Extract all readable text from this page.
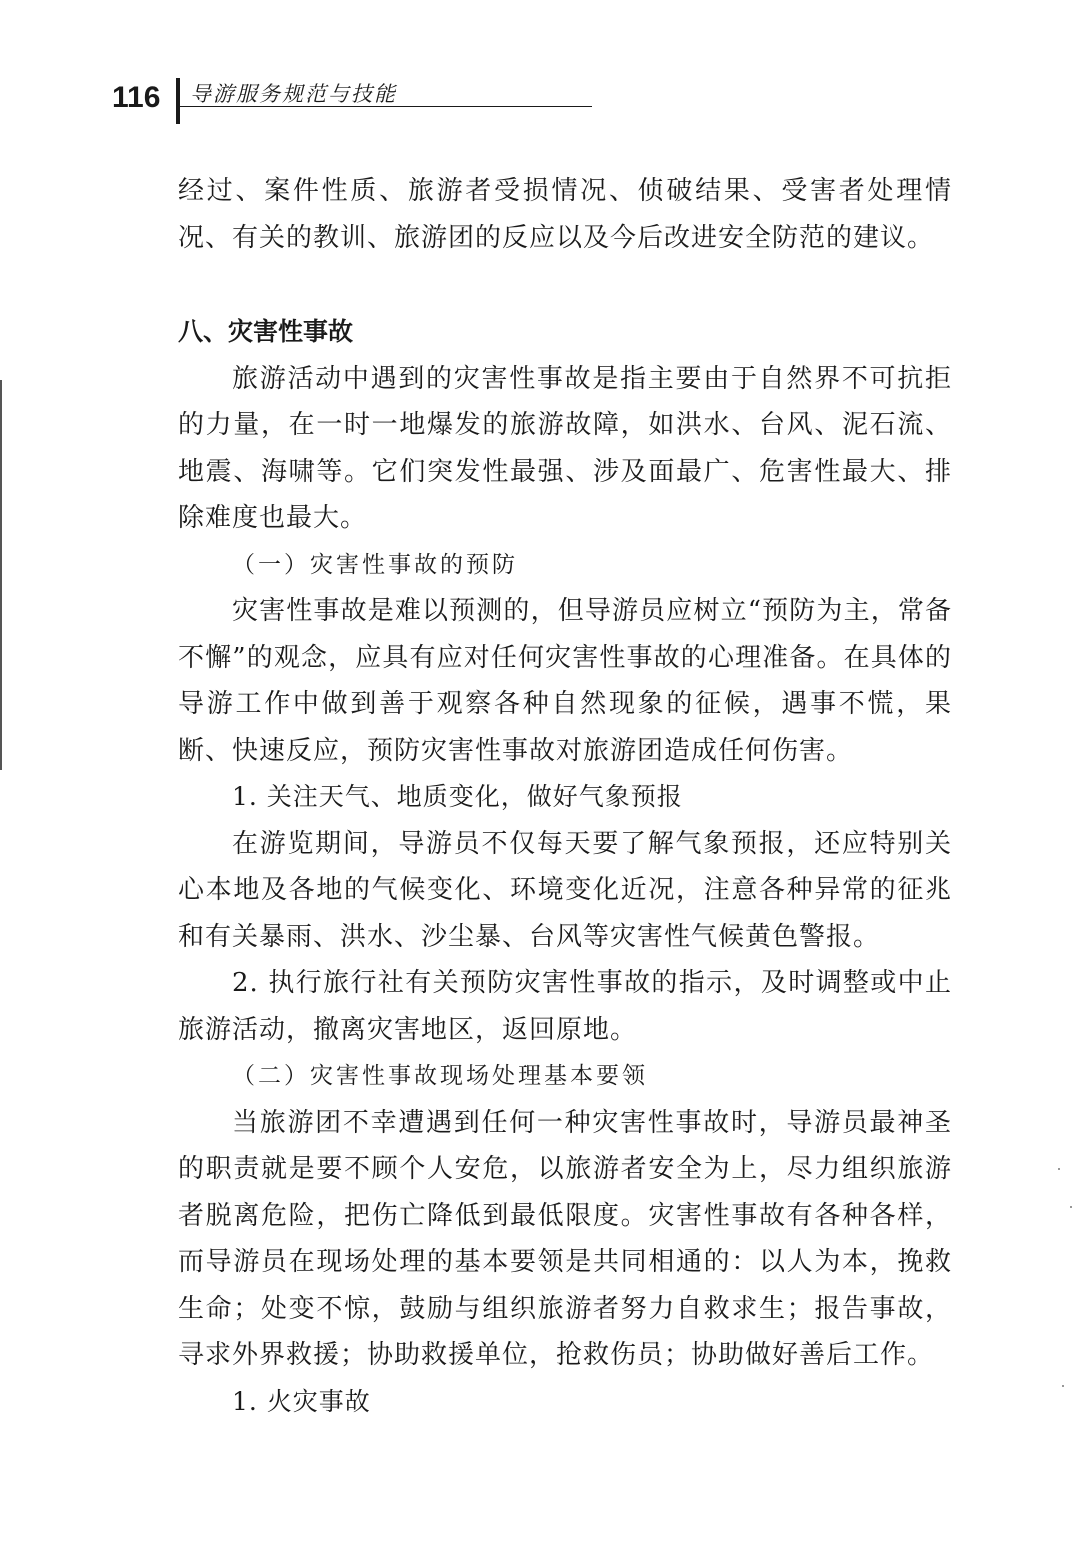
116 导游服务规范与技能

经过、案件性质、旅游者受损情况、侦破结果、受害者处理情况、有关的教训、旅游团的反应以及今后改进安全防范的建议。

八、灾害性事故

旅游活动中遇到的灾害性事故是指主要由于自然界不可抗拒的力量，在一时一地爆发的旅游故障，如洪水、台风、泥石流、地震、海啸等。它们突发性最强、涉及面最广、危害性最大、排除难度也最大。

（一）灾害性事故的预防

灾害性事故是难以预测的，但导游员应树立“预防为主，常备不懈”的观念，应具有应对任何灾害性事故的心理准备。在具体的导游工作中做到善于观察各种自然现象的征候，遇事不慌，果断、快速反应，预防灾害性事故对旅游团造成任何伤害。

1. 关注天气、地质变化，做好气象预报

在游览期间，导游员不仅每天要了解气象预报，还应特别关心本地及各地的气候变化、环境变化近况，注意各种异常的征兆和有关暴雨、洪水、沙尘暴、台风等灾害性气候黄色警报。

2. 执行旅行社有关预防灾害性事故的指示，及时调整或中止旅游活动，撤离灾害地区，返回原地。

（二）灾害性事故现场处理基本要领

当旅游团不幸遭遇到任何一种灾害性事故时，导游员最神圣的职责就是要不顾个人安危，以旅游者安全为上，尽力组织旅游者脱离危险，把伤亡降低到最低限度。灾害性事故有各种各样，而导游员在现场处理的基本要领是共同相通的：以人为本，挽救生命；处变不惊，鼓励与组织旅游者努力自救求生；报告事故，寻求外界救援；协助救援单位，抢救伤员；协助做好善后工作。

1. 火灾事故
